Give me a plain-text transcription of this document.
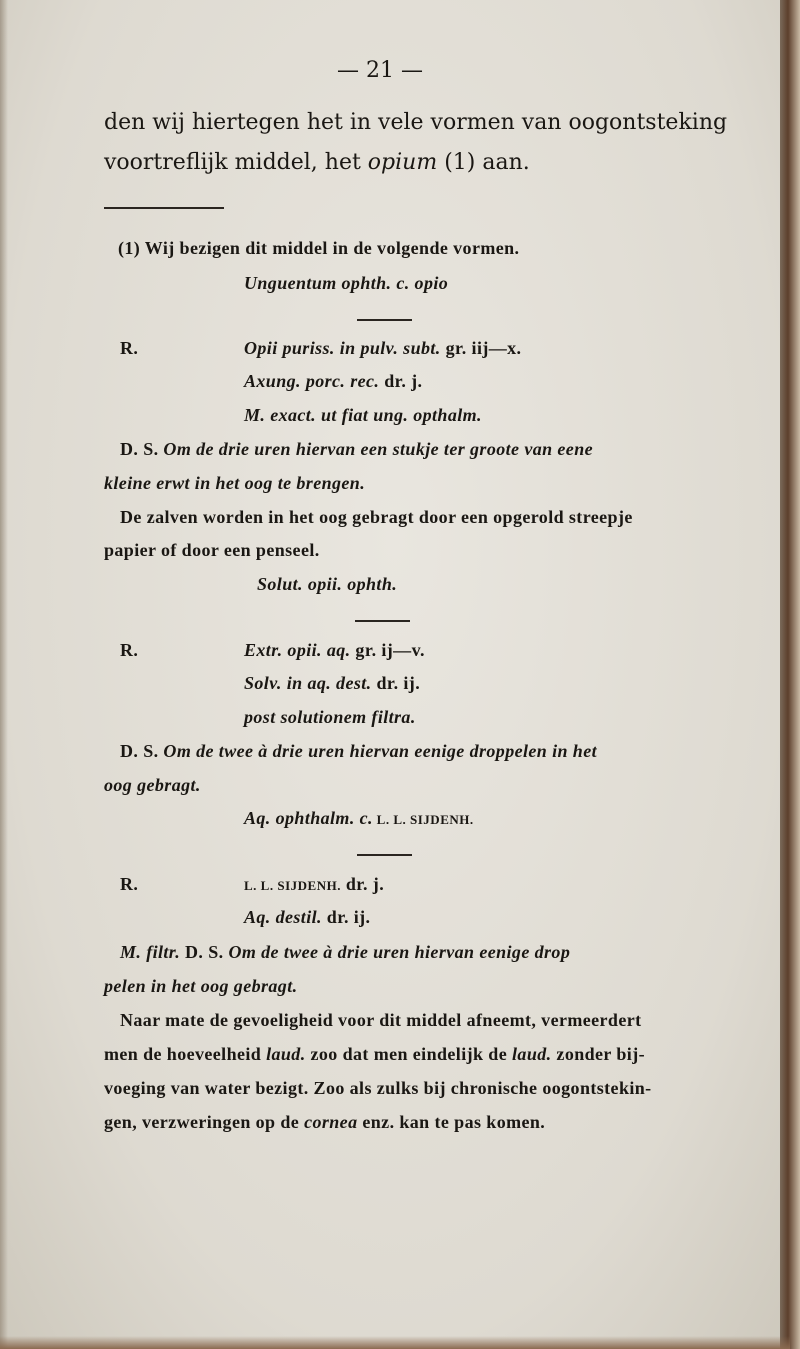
— 21 —

den wij hiertegen het in vele vormen van oogontsteking

voortreflijk middel, het opium (1) aan.

(1) Wij bezigen dit middel in de volgende vormen.

Unguentum ophth. c. opio

R.	Opii puriss. in pulv. subt. gr. iij—x.

Axung. porc. rec. dr. j.

M. exact. ut fiat ung. opthalm.

D. S. Om de drie uren hiervan een stukje ter groote van eene

kleine erwt in het oog te brengen.

De zalven worden in het oog gebragt door een opgerold streepje

papier of door een penseel.

Solut. opii. ophth.

R.	Extr. opii. aq. gr. ij—v.

Solv. in aq. dest. dr. ij.

post solutionem filtra.

D. S. Om de twee à drie uren hiervan eenige droppelen in het

oog gebragt.

Aq. ophthalm. c. L. L. SIJDENH.

R.	L. L. SIJDENH. dr. j.

Aq. destil. dr. ij.

M. filtr. D. S. Om de twee à drie uren hiervan eenige drop

pelen in het oog gebragt.

Naar mate de gevoeligheid voor dit middel afneemt, vermeerdert

men de hoeveelheid laud. zoo dat men eindelijk de laud. zonder bij-

voeging van water bezigt. Zoo als zulks bij chronische oogontstekin-

gen, verzweringen op de cornea enz. kan te pas komen.
